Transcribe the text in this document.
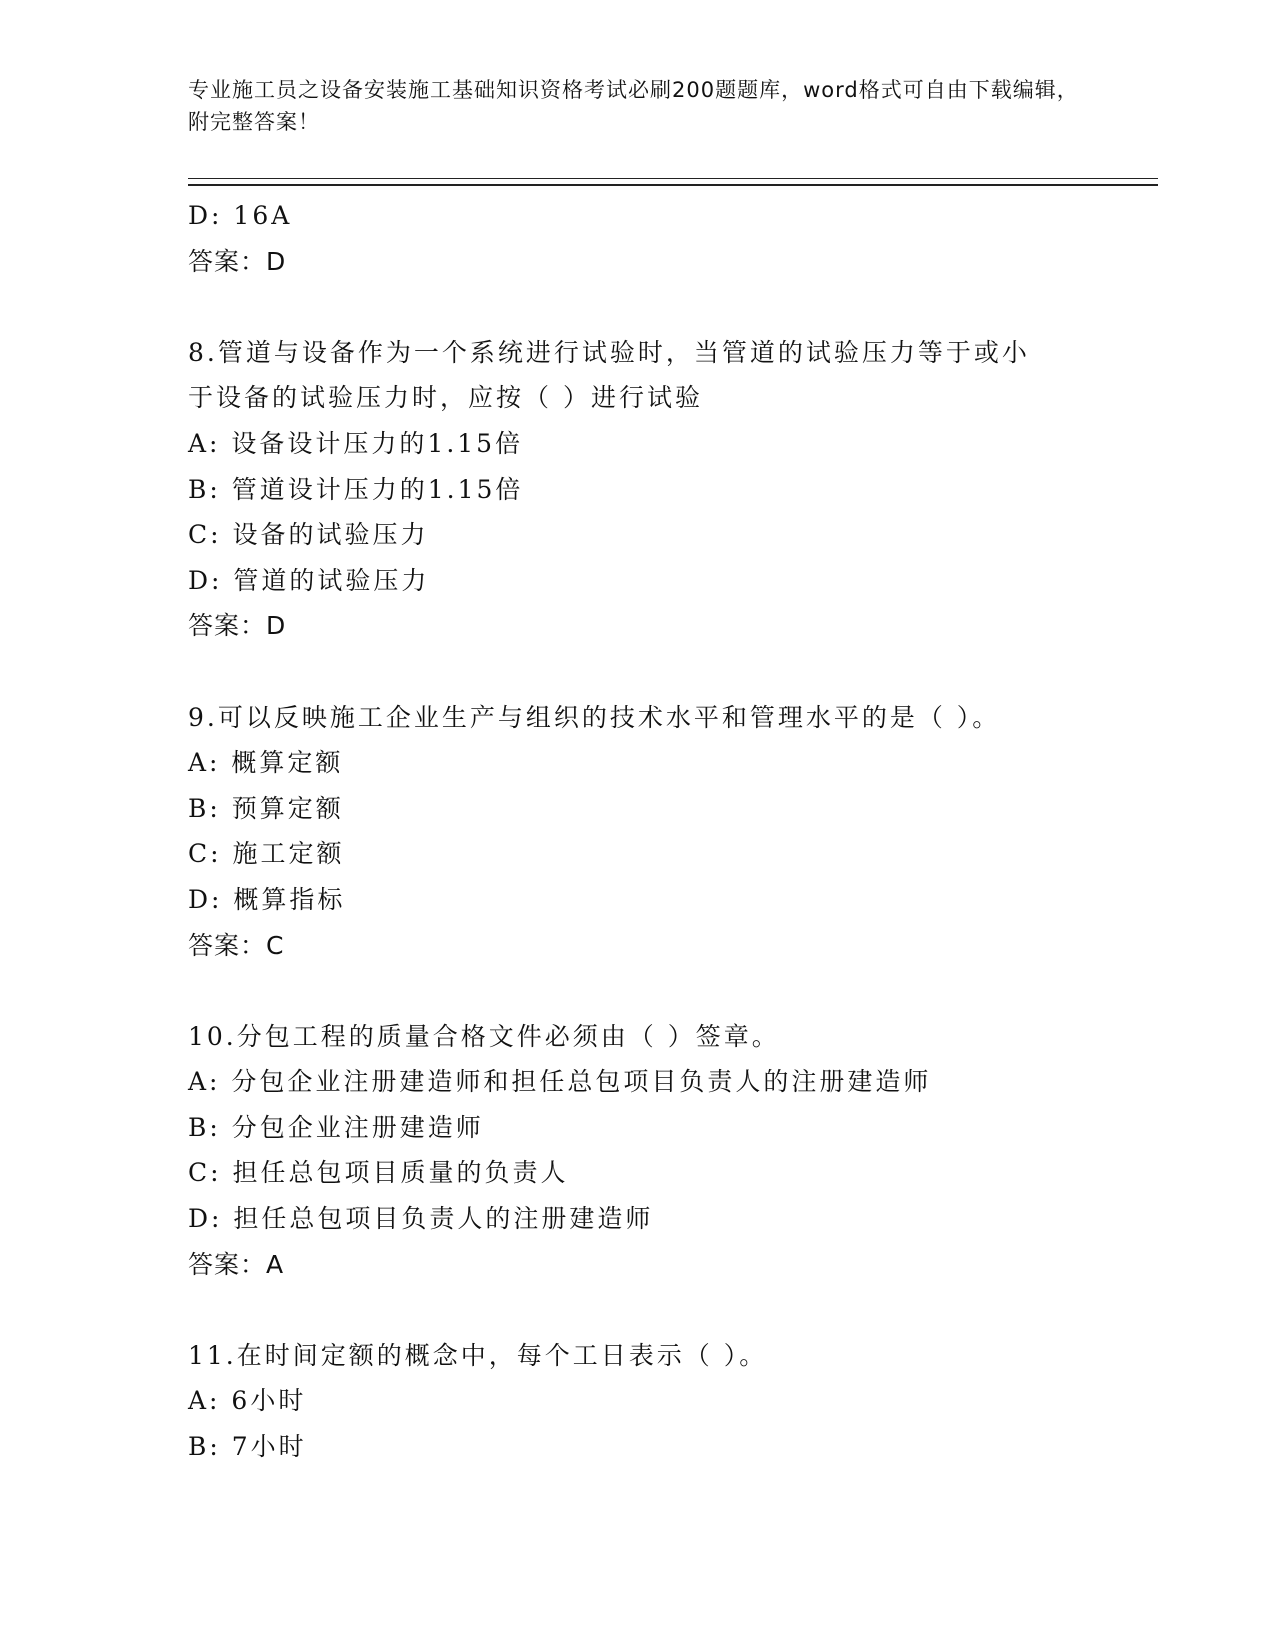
专业施工员之设备安装施工基础知识资格考试必刷200题题库，word格式可自由下载编辑，附完整答案！
D: 16A
答案：D
8.管道与设备作为一个系统进行试验时，当管道的试验压力等于或小
于设备的试验压力时，应按（ ）进行试验
A: 设备设计压力的1.15倍
B: 管道设计压力的1.15倍
C: 设备的试验压力
D: 管道的试验压力
答案：D
9.可以反映施工企业生产与组织的技术水平和管理水平的是（ ）。
A: 概算定额
B: 预算定额
C: 施工定额
D: 概算指标
答案：C
10.分包工程的质量合格文件必须由（ ）签章。
A: 分包企业注册建造师和担任总包项目负责人的注册建造师
B: 分包企业注册建造师
C: 担任总包项目质量的负责人
D: 担任总包项目负责人的注册建造师
答案：A
11.在时间定额的概念中，每个工日表示（ ）。
A: 6小时
B: 7小时
